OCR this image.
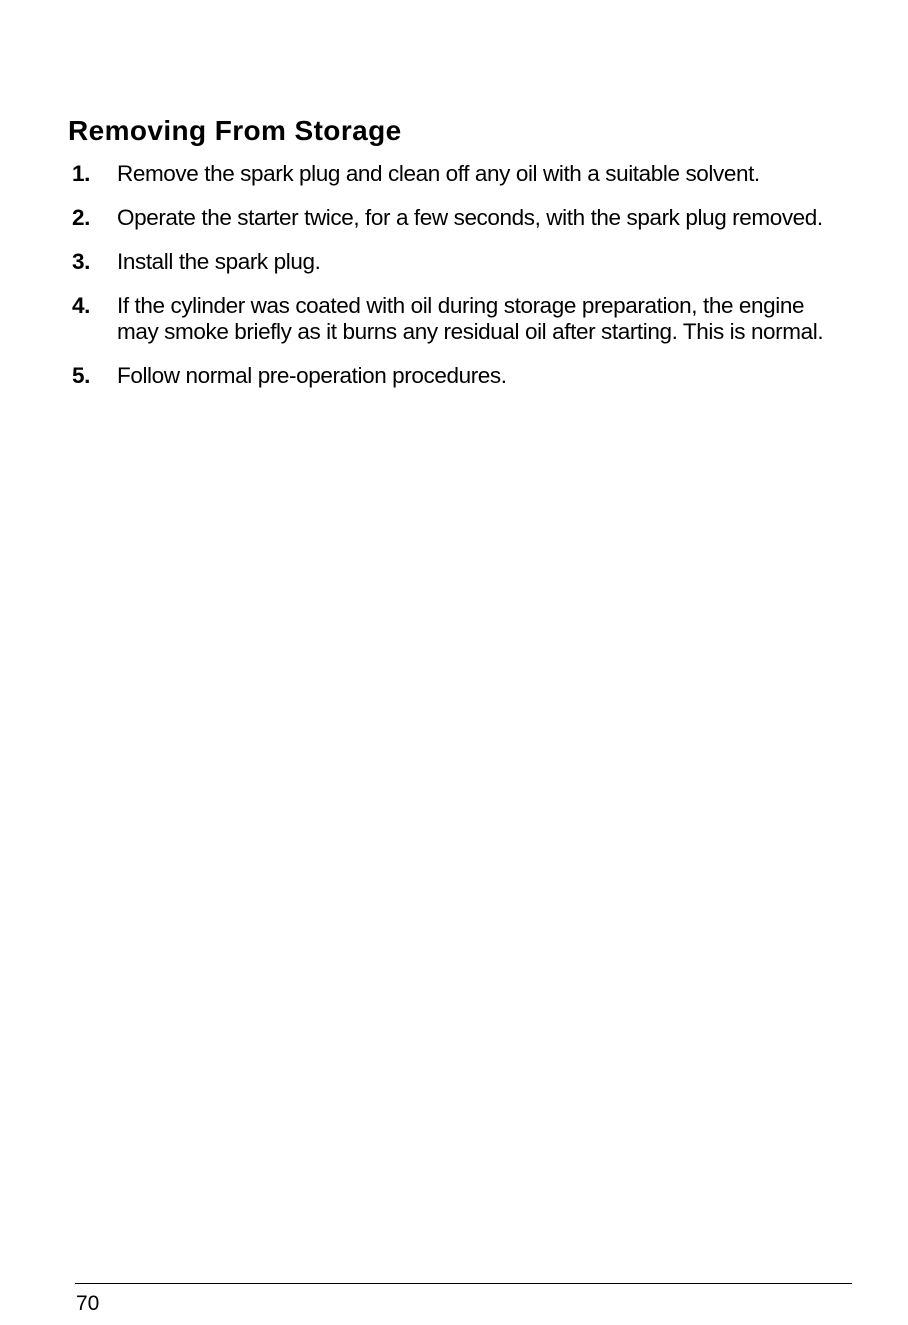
Removing From Storage
1. Remove the spark plug and clean off any oil with a suitable solvent.
2. Operate the starter twice, for a few seconds, with the spark plug removed.
3. Install the spark plug.
4. If the cylinder was coated with oil during storage preparation, the engine may smoke briefly as it burns any residual oil after starting. This is normal.
5. Follow normal pre-operation procedures.
70
